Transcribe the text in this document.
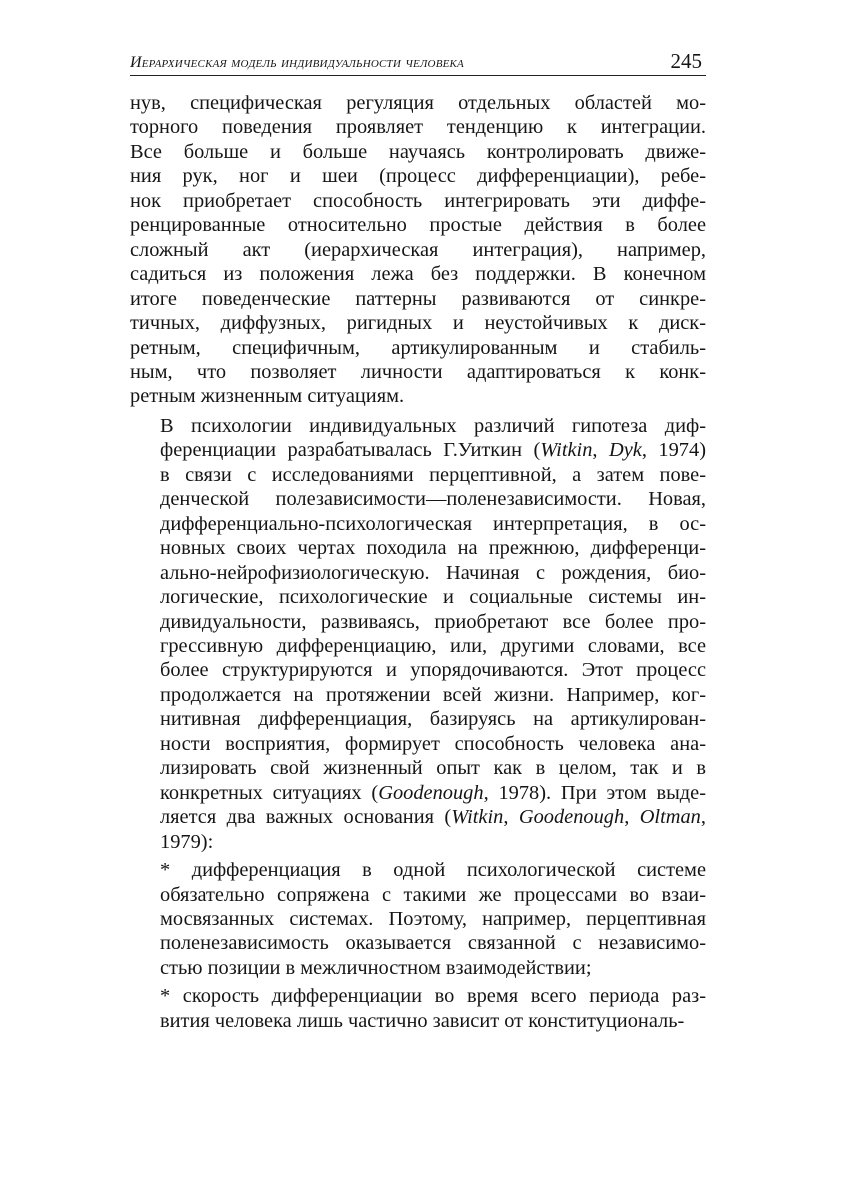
Иерархическая модель индивидуальности человека	245

нув, специфическая регуляция отдельных областей мо-
торного поведения проявляет тенденцию к интеграции.
Все больше и больше научаясь контролировать движе-
ния рук, ног и шеи (процесс дифференциации), ребе-
нок приобретает способность интегрировать эти диффе-
ренцированные относительно простые действия в более
сложный акт (иерархическая интеграция), например,
садиться из положения лежа без поддержки. В конечном
итоге поведенческие паттерны развиваются от синкре-
тичных, диффузных, ригидных и неустойчивых к диск-
ретным, специфичным, артикулированным и стабиль-
ным, что позволяет личности адаптироваться к конк-
ретным жизненным ситуациям.

В психологии индивидуальных различий гипотеза диф-
ференциации разрабатывалась Г.Уиткин (Witkin, Dyk, 1974)
в связи с исследованиями перцептивной, а затем пове-
денческой полезависимости—поленезависимости. Новая,
дифференциально-психологическая интерпретация, в ос-
новных своих чертах походила на прежнюю, дифференци-
ально-нейрофизиологическую. Начиная с рождения, био-
логические, психологические и социальные системы ин-
дивидуальности, развиваясь, приобретают все более про-
грессивную дифференциацию, или, другими словами, все
более структурируются и упорядочиваются. Этот процесс
продолжается на протяжении всей жизни. Например, ког-
нитивная дифференциация, базируясь на артикулирован-
ности восприятия, формирует способность человека ана-
лизировать свой жизненный опыт как в целом, так и в
конкретных ситуациях (Goodenough, 1978). При этом выде-
ляется два важных основания (Witkin, Goodenough, Oltman,
1979):

* дифференциация в одной психологической системе
обязательно сопряжена с такими же процессами во взаи-
мосвязанных системах. Поэтому, например, перцептивная
поленезависимость оказывается связанной с независимо-
стью позиции в межличностном взаимодействии;

* скорость дифференциации во время всего периода раз-
вития человека лишь частично зависит от конституциональ-
